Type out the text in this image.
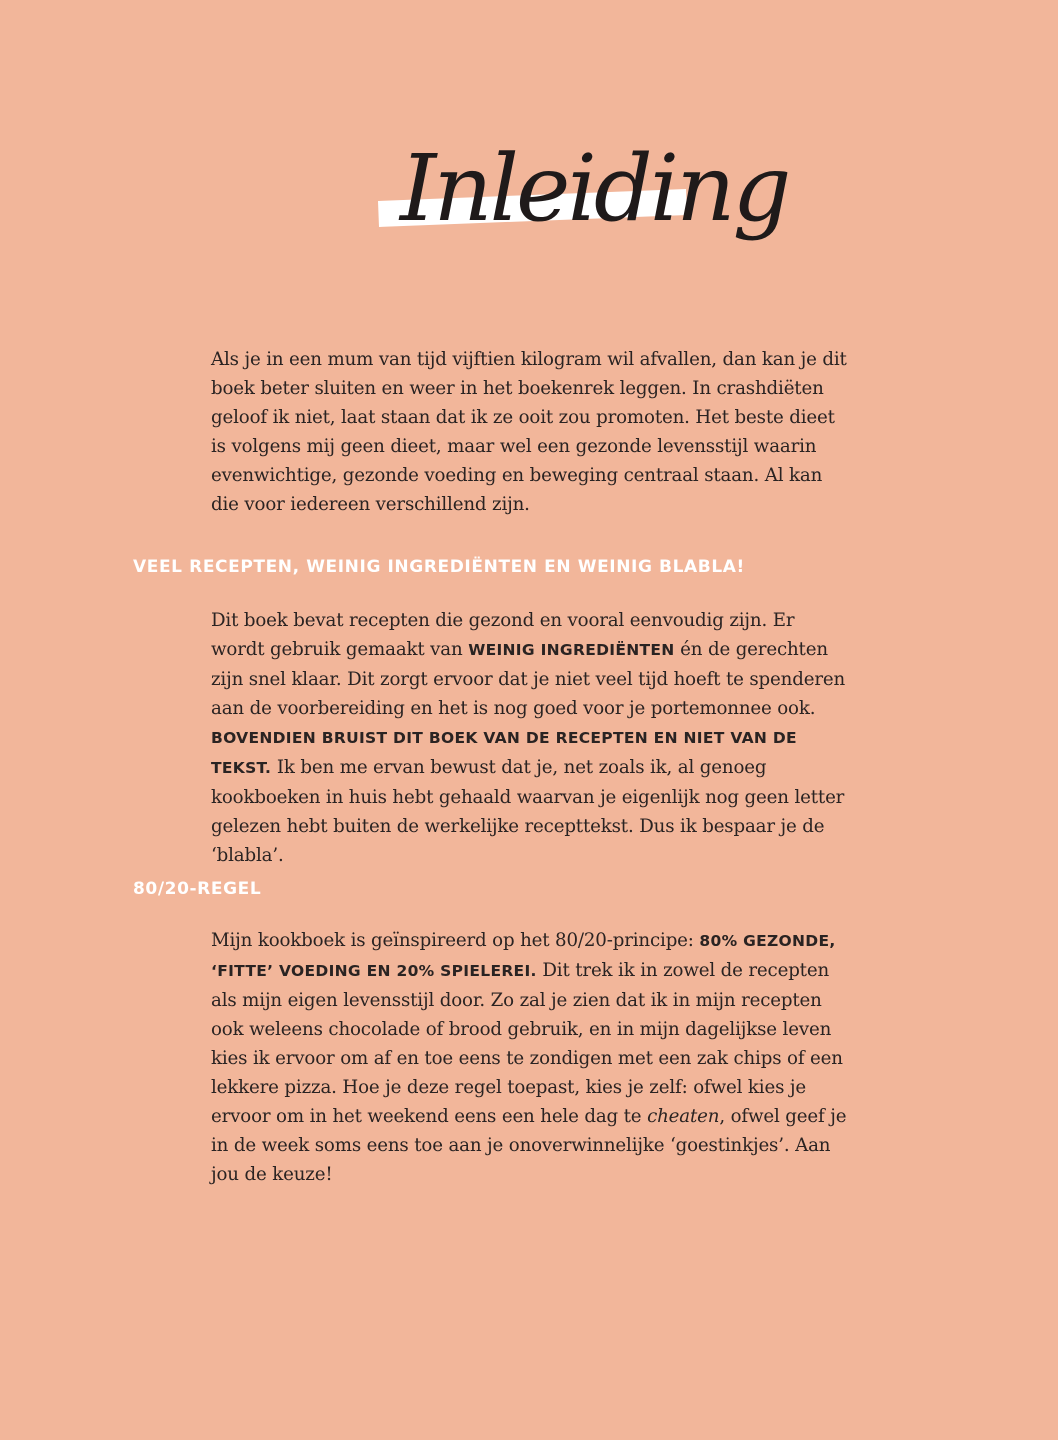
Inleiding

Als je in een mum van tijd vijftien kilogram wil afvallen, dan kan je dit boek beter sluiten en weer in het boekenrek leggen. In crashdiëten geloof ik niet, laat staan dat ik ze ooit zou promoten. Het beste dieet is volgens mij geen dieet, maar wel een gezonde levensstijl waarin evenwichtige, gezonde voeding en beweging centraal staan. Al kan die voor iedereen verschillend zijn.

VEEL RECEPTEN, WEINIG INGREDIËNTEN EN WEINIG BLABLA!

Dit boek bevat recepten die gezond en vooral eenvoudig zijn. Er wordt gebruik gemaakt van WEINIG INGREDIËNTEN én de gerechten zijn snel klaar. Dit zorgt ervoor dat je niet veel tijd hoeft te spenderen aan de voorbereiding en het is nog goed voor je portemonnee ook. BOVENDIEN BRUIST DIT BOEK VAN DE RECEPTEN EN NIET VAN DE TEKST. Ik ben me ervan bewust dat je, net zoals ik, al genoeg kookboeken in huis hebt gehaald waarvan je eigenlijk nog geen letter gelezen hebt buiten de werkelijke recepttekst. Dus ik bespaar je de ‘blabla’.

80/20-REGEL

Mijn kookboek is geïnspireerd op het 80/20-principe: 80% GEZONDE, ‘FITTE’ VOEDING EN 20% SPIELEREI. Dit trek ik in zowel de recepten als mijn eigen levensstijl door. Zo zal je zien dat ik in mijn recepten ook weleens chocolade of brood gebruik, en in mijn dagelijkse leven kies ik ervoor om af en toe eens te zondigen met een zak chips of een lekkere pizza. Hoe je deze regel toepast, kies je zelf: ofwel kies je ervoor om in het weekend eens een hele dag te cheaten, ofwel geef je in de week soms eens toe aan je onoverwinnelijke ‘goestinkjes’. Aan jou de keuze!
